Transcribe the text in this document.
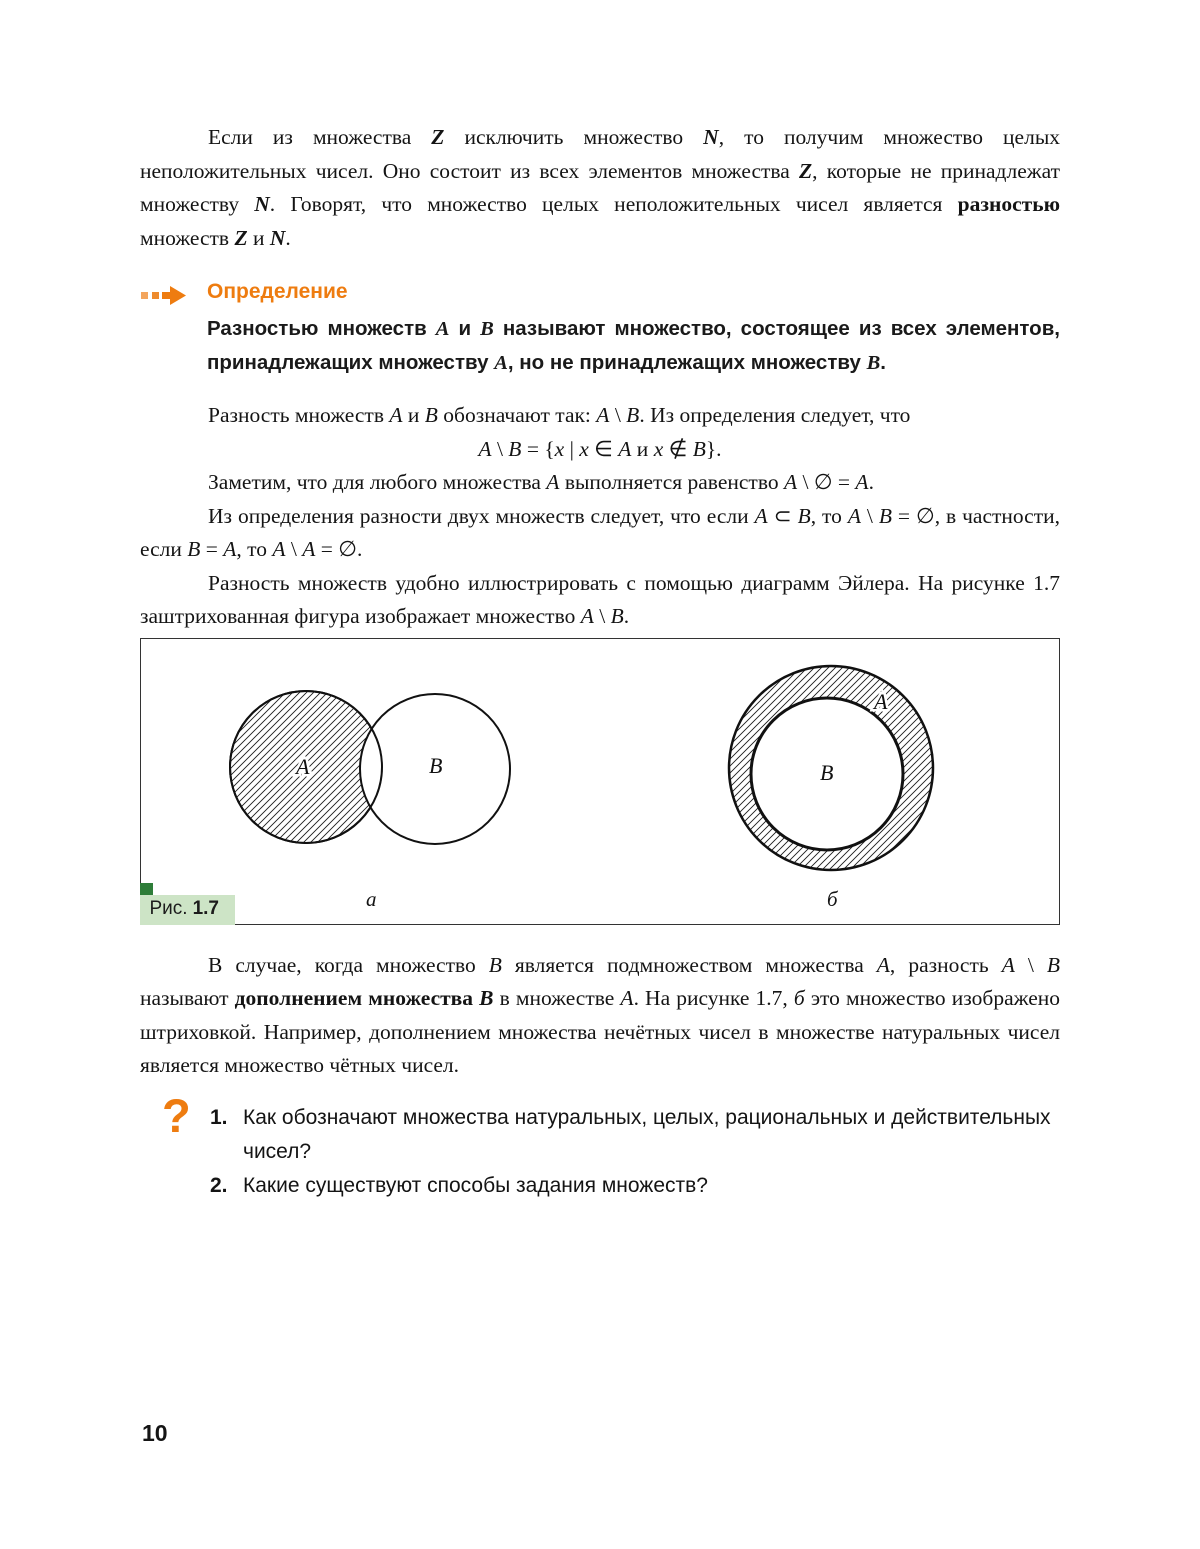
Если из множества Z исключить множество N, то получим множество целых неположительных чисел. Оно состоит из всех элементов множества Z, которые не принадлежат множеству N. Говорят, что множество целых неположительных чисел является разностью множеств Z и N.

Определение

Разностью множеств A и B называют множество, состоящее из всех элементов, принадлежащих множеству A, но не принадлежащих множеству B.

Разность множеств A и B обозначают так: A \ B. Из определения следует, что

A \ B = {x | x ∈ A и x ∉ B}.

Заметим, что для любого множества A выполняется равенство A \ ∅ = A.

Из определения разности двух множеств следует, что если A ⊂ B, то A \ B = ∅, в частности, если B = A, то A \ A = ∅.

Разность множеств удобно иллюстрировать с помощью диаграмм Эйлера. На рисунке 1.7 заштрихованная фигура изображает множество A \ B.

A	B
A
B
а	б
Рис. 1.7

В случае, когда множество B является подмножеством множества A, разность A \ B называют дополнением множества B в множестве A. На рисунке 1.7, б это множество изображено штриховкой. Например, дополнением множества нечётных чисел в множестве натуральных чисел является множество чётных чисел.

? 1. Как обозначают множества натуральных, целых, рациональных и действительных чисел?
2. Какие существуют способы задания множеств?
10
